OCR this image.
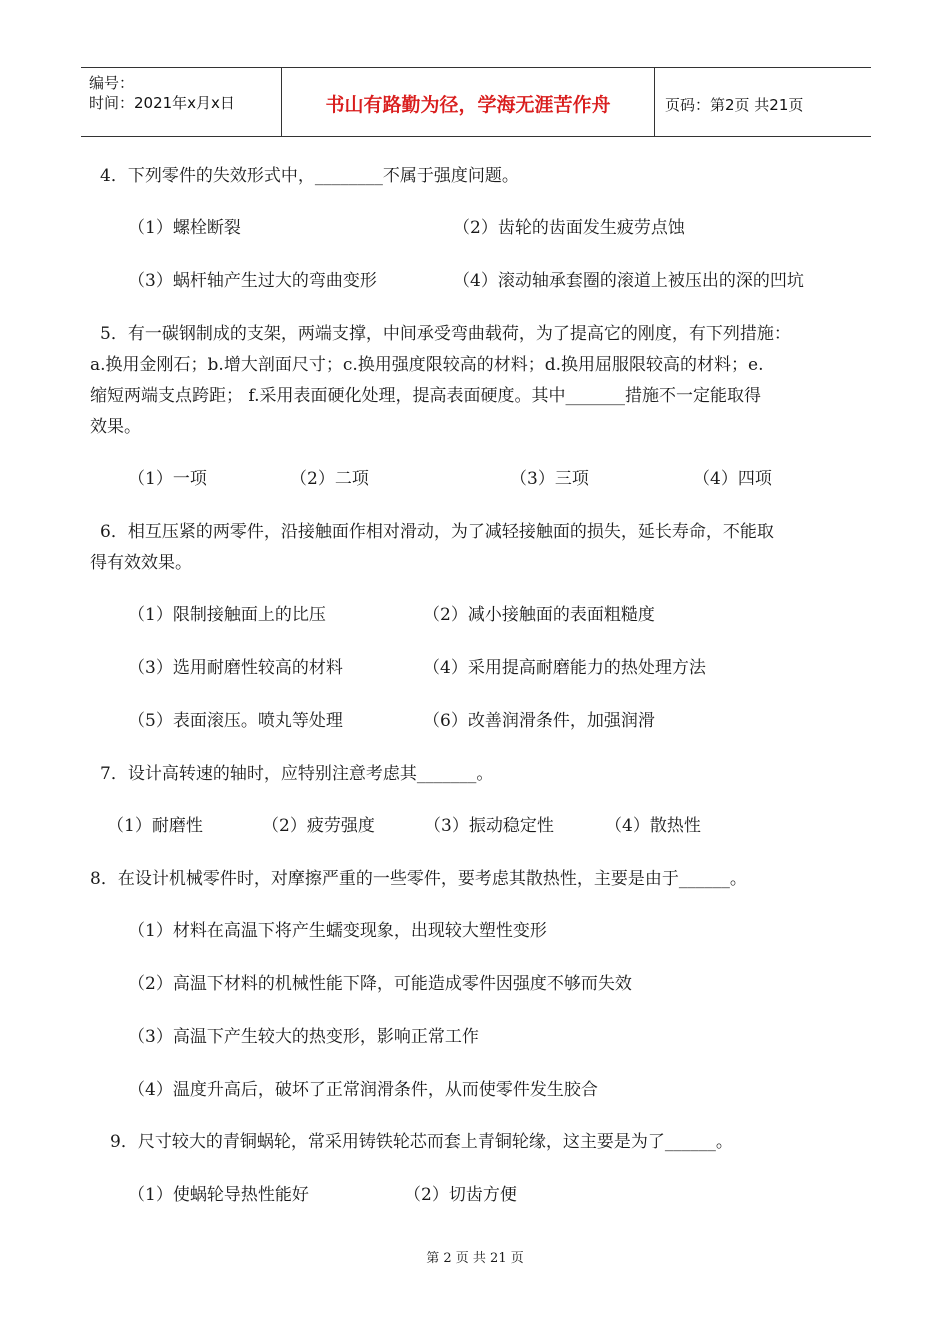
编号：
时间：2021年x月x日	书山有路勤为径，学海无涯苦作舟	页码：第2页 共21页
4．下列零件的失效形式中，________不属于强度问题。
（1）螺栓断裂	（2）齿轮的齿面发生疲劳点蚀
（3）蜗杆轴产生过大的弯曲变形	（4）滚动轴承套圈的滚道上被压出的深的凹坑
5．有一碳钢制成的支架，两端支撑，中间承受弯曲载荷，为了提高它的刚度，有下列措施：
a.换用金刚石；b.增大剖面尺寸；c.换用强度限较高的材料；d.换用屈服限较高的材料；e.
缩短两端支点跨距； f.采用表面硬化处理，提高表面硬度。其中_______措施不一定能取得
效果。
（1）一项	（2）二项	（3）三项	（4）四项
6．相互压紧的两零件，沿接触面作相对滑动，为了减轻接触面的损失，延长寿命，不能取
得有效效果。
（1）限制接触面上的比压	（2）减小接触面的表面粗糙度
（3）选用耐磨性较高的材料	（4）采用提高耐磨能力的热处理方法
（5）表面滚压。喷丸等处理	（6）改善润滑条件，加强润滑
7．设计高转速的轴时，应特别注意考虑其_______。
（1）耐磨性	（2）疲劳强度	（3）振动稳定性	（4）散热性
8．在设计机械零件时，对摩擦严重的一些零件，要考虑其散热性，主要是由于______。
（1）材料在高温下将产生蠕变现象，出现较大塑性变形
（2）高温下材料的机械性能下降，可能造成零件因强度不够而失效
（3）高温下产生较大的热变形，影响正常工作
（4）温度升高后，破坏了正常润滑条件，从而使零件发生胶合
9．尺寸较大的青铜蜗轮，常采用铸铁轮芯而套上青铜轮缘，这主要是为了______。
（1）使蜗轮导热性能好	（2）切齿方便
第 2 页 共 21 页
